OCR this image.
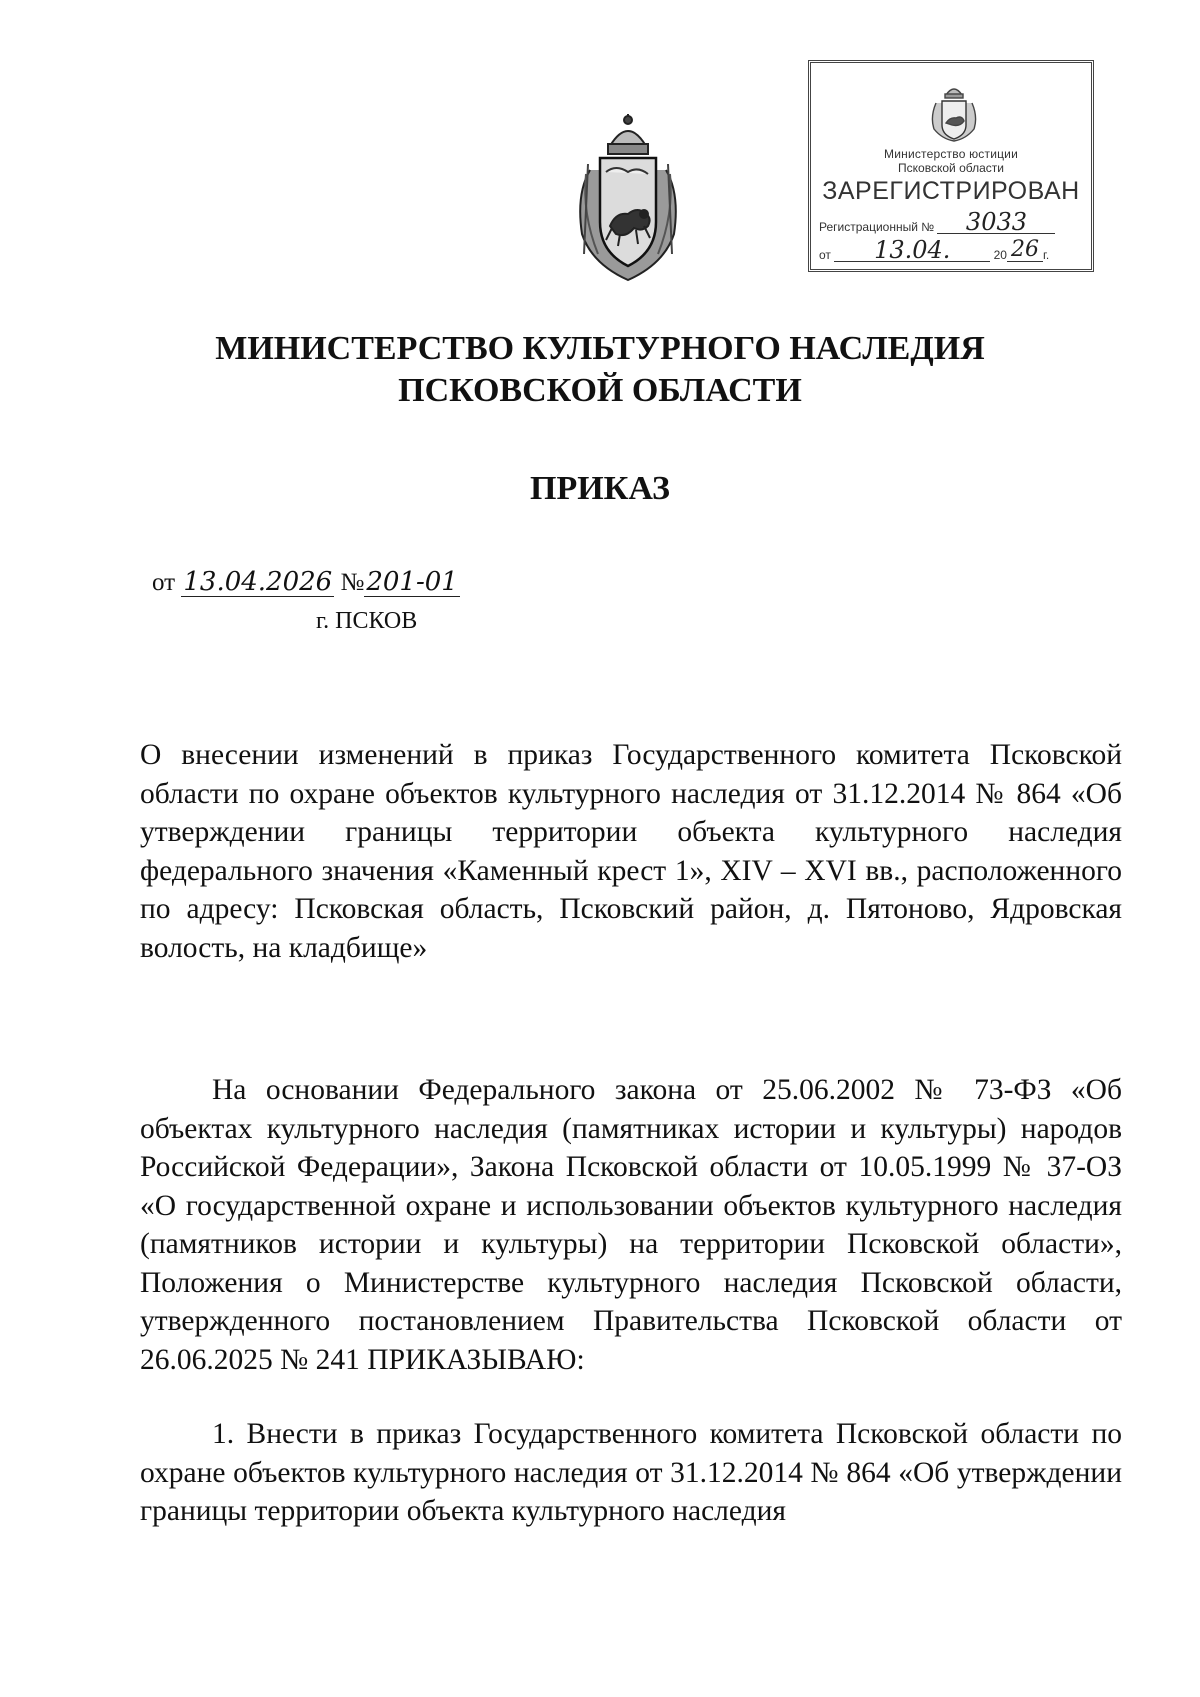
Министерство юстиции
Псковской области
ЗАРЕГИСТРИРОВАН
Регистрационный № 3033
от 13.04.	20 26 г.
МИНИСТЕРСТВО КУЛЬТУРНОГО НАСЛЕДИЯ
ПСКОВСКОЙ ОБЛАСТИ
ПРИКАЗ
от 13.04.2026 №201-01
г. ПСКОВ

О внесении изменений в приказ Государственного комитета Псковской области по охране объектов культурного наследия от 31.12.2014 № 864 «Об утверждении границы территории объекта культурного наследия федерального значения «Каменный крест 1», XIV – XVI вв., расположенного по адресу: Псковская область, Псковский район, д. Пятоново, Ядровская волость, на кладбище»

На основании Федерального закона от 25.06.2002 № 73-ФЗ «Об объектах культурного наследия (памятниках истории и культуры) народов Российской Федерации», Закона Псковской области от 10.05.1999 № 37-ОЗ «О государственной охране и использовании объектов культурного наследия (памятников истории и культуры) на территории Псковской области», Положения о Министерстве культурного наследия Псковской области, утвержденного постановлением Правительства Псковской области от 26.06.2025 № 241 ПРИКАЗЫВАЮ:

1. Внести в приказ Государственного комитета Псковской области по охране объектов культурного наследия от 31.12.2014 № 864 «Об утверждении границы территории объекта культурного наследия
